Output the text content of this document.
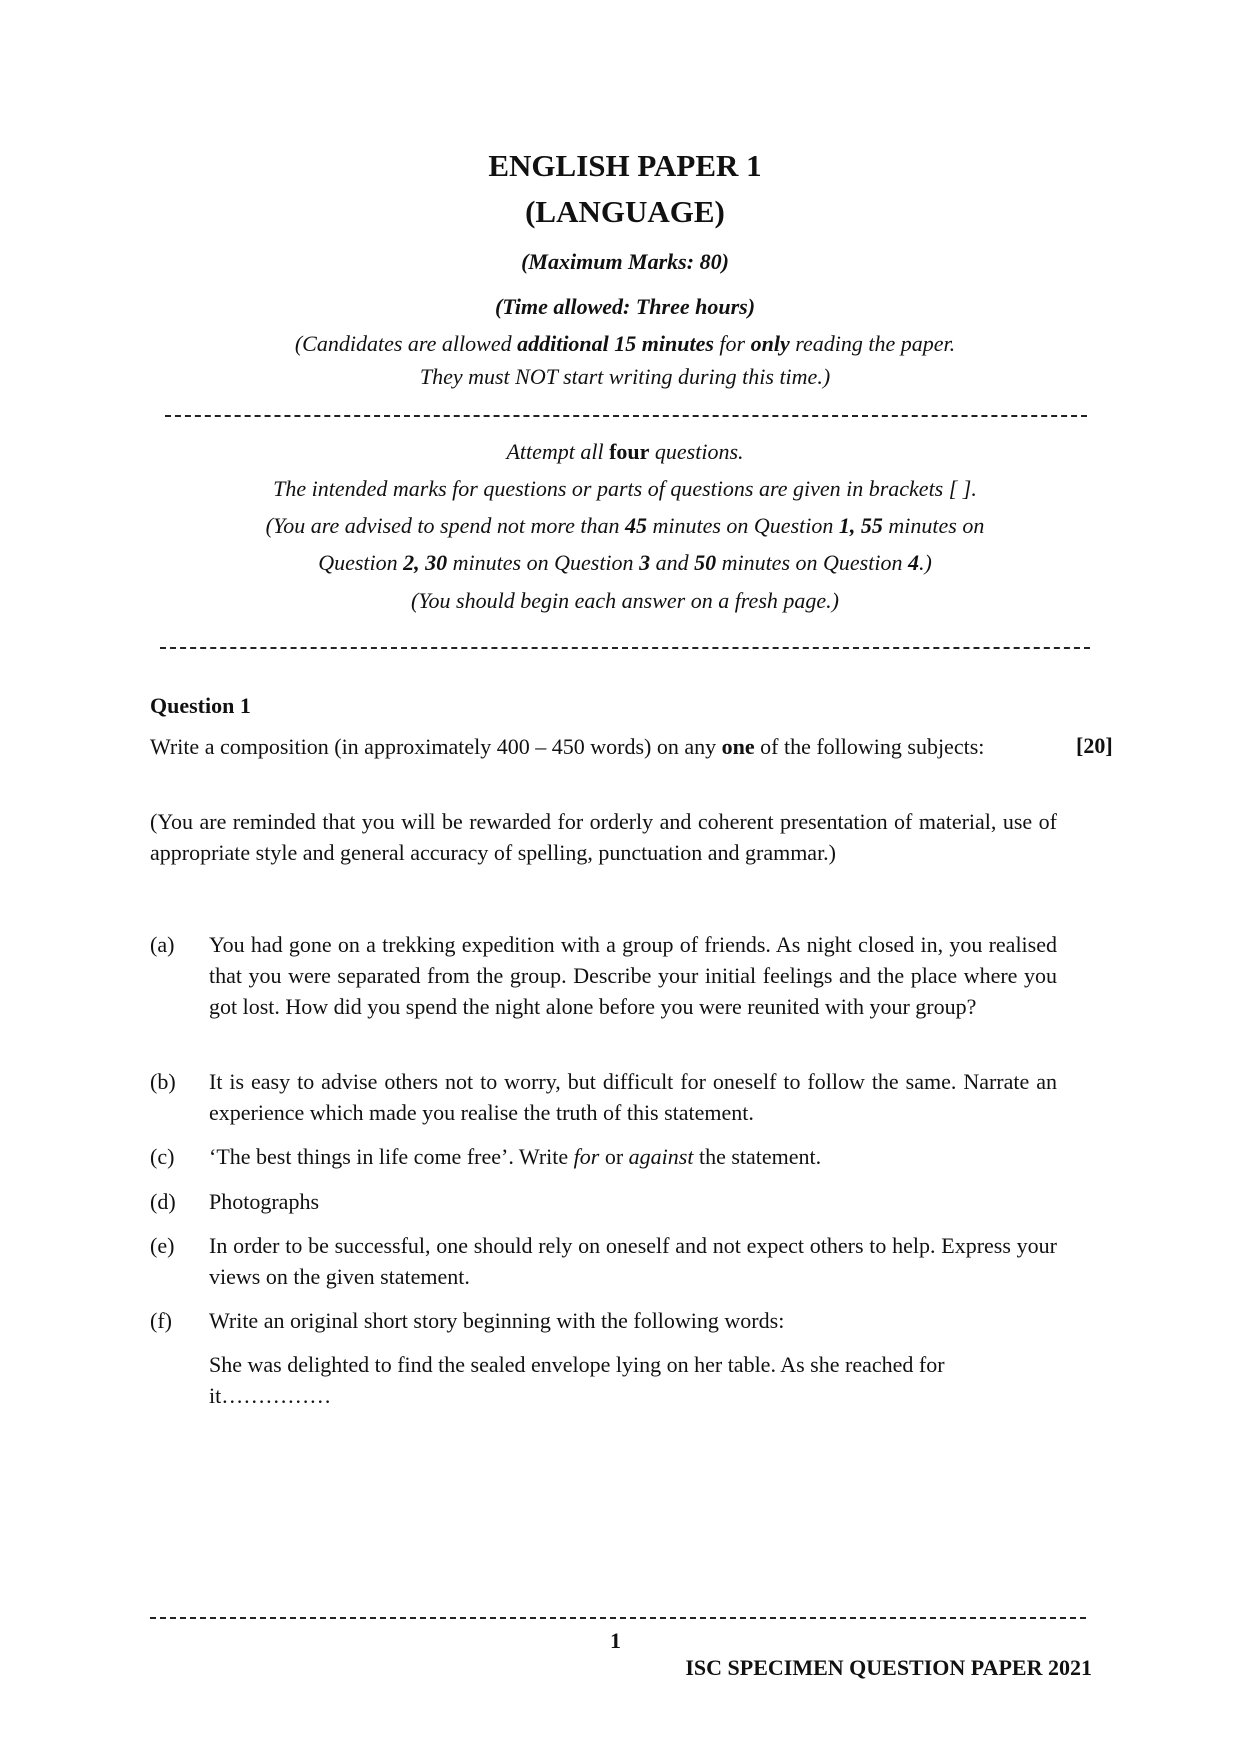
ENGLISH PAPER 1
(LANGUAGE)
(Maximum Marks: 80)
(Time allowed: Three hours)
(Candidates are allowed additional 15 minutes for only reading the paper.
They must NOT start writing during this time.)
Attempt all four questions.
The intended marks for questions or parts of questions are given in brackets [ ].
(You are advised to spend not more than 45 minutes on Question 1, 55 minutes on
Question 2, 30 minutes on Question 3 and 50 minutes on Question 4.)
(You should begin each answer on a fresh page.)
Question 1
Write a composition (in approximately 400 – 450 words) on any one of the following subjects:	[20]
(You are reminded that you will be rewarded for orderly and coherent presentation of material, use of appropriate style and general accuracy of spelling, punctuation and grammar.)
(a) You had gone on a trekking expedition with a group of friends. As night closed in, you realised that you were separated from the group. Describe your initial feelings and the place where you got lost. How did you spend the night alone before you were reunited with your group?
(b) It is easy to advise others not to worry, but difficult for oneself to follow the same. Narrate an experience which made you realise the truth of this statement.
(c) ‘The best things in life come free’. Write for or against the statement.
(d) Photographs
(e) In order to be successful, one should rely on oneself and not expect others to help. Express your views on the given statement.
(f) Write an original short story beginning with the following words:
She was delighted to find the sealed envelope lying on her table. As she reached for it……………
1
ISC SPECIMEN QUESTION PAPER 2021
